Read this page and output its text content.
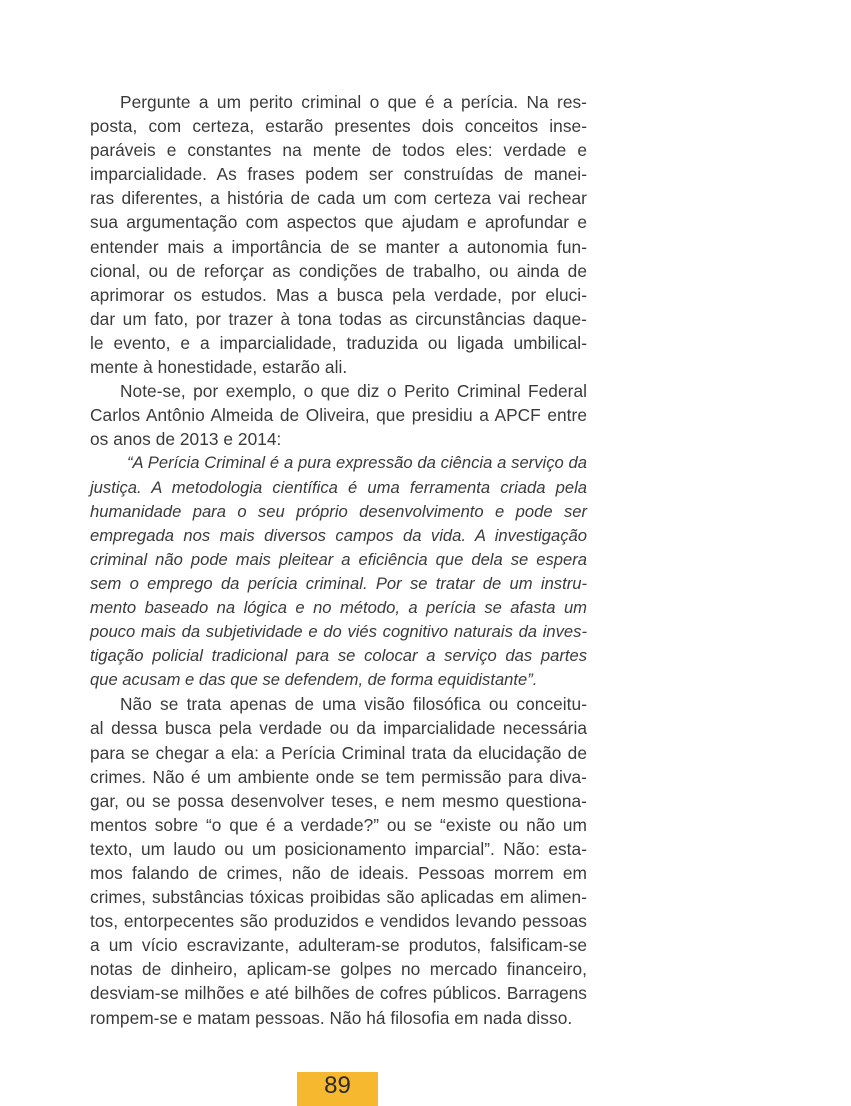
Pergunte a um perito criminal o que é a perícia. Na res-
posta, com certeza, estarão presentes dois conceitos inse-
paráveis e constantes na mente de todos eles: verdade e
imparcialidade. As frases podem ser construídas de manei-
ras diferentes, a história de cada um com certeza vai rechear
sua argumentação com aspectos que ajudam e aprofundar e
entender mais a importância de se manter a autonomia fun-
cional, ou de reforçar as condições de trabalho, ou ainda de
aprimorar os estudos. Mas a busca pela verdade, por eluci-
dar um fato, por trazer à tona todas as circunstâncias daque-
le evento, e a imparcialidade, traduzida ou ligada umbilical-
mente à honestidade, estarão ali.
Note-se, por exemplo, o que diz o Perito Criminal Federal
Carlos Antônio Almeida de Oliveira, que presidiu a APCF entre
os anos de 2013 e 2014:
“A Perícia Criminal é a pura expressão da ciência a serviço da
justiça. A metodologia científica é uma ferramenta criada pela
humanidade para o seu próprio desenvolvimento e pode ser
empregada nos mais diversos campos da vida. A investigação
criminal não pode mais pleitear a eficiência que dela se espera
sem o emprego da perícia criminal. Por se tratar de um instru-
mento baseado na lógica e no método, a perícia se afasta um
pouco mais da subjetividade e do viés cognitivo naturais da inves-
tigação policial tradicional para se colocar a serviço das partes
que acusam e das que se defendem, de forma equidistante”.
Não se trata apenas de uma visão filosófica ou conceitu-
al dessa busca pela verdade ou da imparcialidade necessária
para se chegar a ela: a Perícia Criminal trata da elucidação de
crimes. Não é um ambiente onde se tem permissão para diva-
gar, ou se possa desenvolver teses, e nem mesmo questiona-
mentos sobre “o que é a verdade?” ou se “existe ou não um
texto, um laudo ou um posicionamento imparcial”. Não: esta-
mos falando de crimes, não de ideais. Pessoas morrem em
crimes, substâncias tóxicas proibidas são aplicadas em alimen-
tos, entorpecentes são produzidos e vendidos levando pessoas
a um vício escravizante, adulteram-se produtos, falsificam-se
notas de dinheiro, aplicam-se golpes no mercado financeiro,
desviam-se milhões e até bilhões de cofres públicos. Barragens
rompem-se e matam pessoas. Não há filosofia em nada disso.
89
